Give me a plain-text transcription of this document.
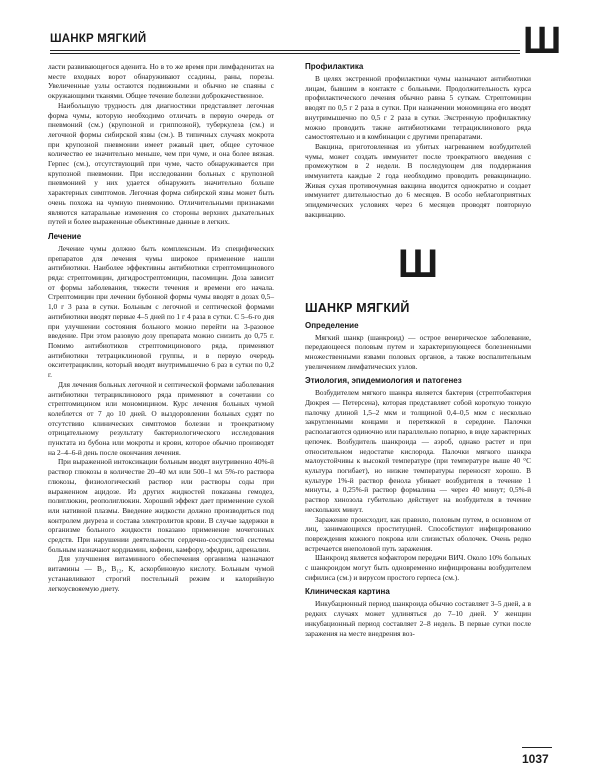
ШАНКР МЯГКИЙ	Ш

ласти развивающегося аденита. Но в то же время при лимфаденитах на месте входных ворот обнаруживают ссадины, раны, порезы. Увеличенные узлы остаются подвижными и обычно не спаяны с окружающими тканями. Общее течение болезни доброкачественное.

Наибольшую трудность для диагностики представляет легочная форма чумы, которую необходимо отличать в первую очередь от пневмоний (см.) (крупозной и гриппозной), туберкулеза (см.) и легочной формы сибирской язвы (см.). В типичных случаях мокрота при крупозной пневмонии имеет ржавый цвет, общее суточное количество ее значительно меньше, чем при чуме, и она более вязкая. Герпес (см.), отсутствующий при чуме, часто обнаруживается при крупозной пневмонии. При исследовании больных с крупозной пневмонией у них удается обнаружить значительно больше характерных симптомов. Легочная форма сибирской язвы может быть очень похожа на чумную пневмонию. Отличительными признаками являются катаральные изменения со стороны верхних дыхательных путей и более выраженные объективные данные в легких.

Лечение

Лечение чумы должно быть комплексным. Из специфических препаратов для лечения чумы широкое применение нашли антибиотики. Наиболее эффективны антибиотики стрептомицинового ряда: стрептомицин, дигидрострептомицин, пасомицин. Доза зависит от формы заболевания, тяжести течения и времени его начала. Стрептомицин при лечении бубонной формы чумы вводят в дозах 0,5–1,0 г 3 раза в сутки. Больным с легочной и септической формами антибиотики вводят первые 4–5 дней по 1 г 4 раза в сутки. С 5–6-го дня при улучшении состояния больного можно перейти на 3-разовое введение. При этом разовую дозу препарата можно снизить до 0,75 г. Помимо антибиотиков стрептомицинового ряда, применяют антибиотики тетрациклиновой группы, и в первую очередь окситетрациклин, который вводят внутримышечно 6 раз в сутки по 0,2 г.

Для лечения больных легочной и септической формами заболевания антибиотики тетрациклинового ряда применяют в сочетании со стрептомицином или мономицином. Курс лечения больных чумой колеблется от 7 до 10 дней. О выздоровлении больных судят по отсутствию клинических симптомов болезни и троекратному отрицательному результату бактериологического исследования пунктата из бубона или мокроты и крови, которое обычно производят на 2–4–6-й день после окончания лечения.

При выраженной интоксикации больным вводят внутривенно 40%-й раствор глюкозы в количестве 20–40 мл или 500–1 мл 5%-го раствора глюкозы, физиологический раствор или растворы соды при выраженном ацидозе. Из других жидкостей показаны гемодез, полиглюкин, реополиглюкин. Хороший эффект дает применение сухой или нативной плазмы. Введение жидкости должно производиться под контролем диуреза и состава электролитов крови. В случае задержки в организме больного жидкости показано применение мочегонных средств. При нарушении деятельности сердечно-сосудистой системы больным назначают кордиамин, кофеин, камфору, эфедрин, адреналин.

Для улучшения витаминного обеспечения организма назначают витамины — В₁, В₁₂, К, аскорбиновую кислоту. Больным чумой устанавливают строгий постельный режим и калорийную легкоусвояемую диету.

Профилактика

В целях экстренной профилактики чумы назначают антибиотики лицам, бывшим в контакте с больными. Продолжительность курса профилактического лечения обычно равна 5 суткам. Стрептомицин вводят по 0,5 г 2 раза в сутки. При назначении мономицина его вводят внутримышечно по 0,5 г 2 раза в сутки. Экстренную профилактику можно проводить также антибиотиками тетрациклинового ряда самостоятельно и в комбинации с другими препаратами.

Вакцина, приготовленная из убитых нагреванием возбудителей чумы, может создать иммунитет после троекратного введения с промежутком в 2 недели. В последующем для поддержания иммунитета каждые 2 года необходимо проводить ревакцинацию. Живая сухая противочумная вакцина вводится однократно и создает иммунитет длительностью до 6 месяцев. В особо неблагоприятных эпидемических условиях через 6 месяцев проводят повторную вакцинацию.

Ш
ШАНКР МЯГКИЙ
Определение

Мягкий шанкр (шанкроид) — острое венерическое заболевание, передающееся половым путем и характеризующееся болезненными множественными язвами половых органов, а также воспалительным увеличением лимфатических узлов.

Этиология, эпидемиология и патогенез

Возбудителем мягкого шанкра является бактерия (стрептобактерия Дюкрея — Петерсена), которая представляет собой короткую тонкую палочку длиной 1,5–2 мкм и толщиной 0,4–0,5 мкм с несколько закругленными концами и перетяжкой в середине. Палочки располагаются одиночно или параллельно попарно, в виде характерных цепочек. Возбудитель шанкроида — аэроб, однако растет и при относительном недостатке кислорода. Палочки мягкого шанкра малоустойчивы к высокой температуре (при температуре выше 40 °С культура погибает), но низкие температуры переносят хорошо. В культуре 1%-й раствор фенола убивает возбудителя в течение 1 минуты, а 0,25%-й раствор формалина — через 40 минут; 0,5%-й раствор хинозола губительно действует на возбудителя в течение нескольких минут.

Заражение происходит, как правило, половым путем, в основном от лиц, занимающихся проституцией. Способствуют инфицированию повреждения кожного покрова или слизистых оболочек. Очень редко встречается внеполовой путь заражения.

Шанкроид является кофактором передачи ВИЧ. Около 10% больных с шанкроидом могут быть одновременно инфицированы возбудителем сифилиса (см.) и вирусом простого герпеса (см.).

Клиническая картина

Инкубационный период шанкроида обычно составляет 3–5 дней, а в редких случаях может удлиняться до 7–10 дней. У женщин инкубационный период составляет 2–8 недель. В первые сутки после заражения на месте внедрения воз-

1037
